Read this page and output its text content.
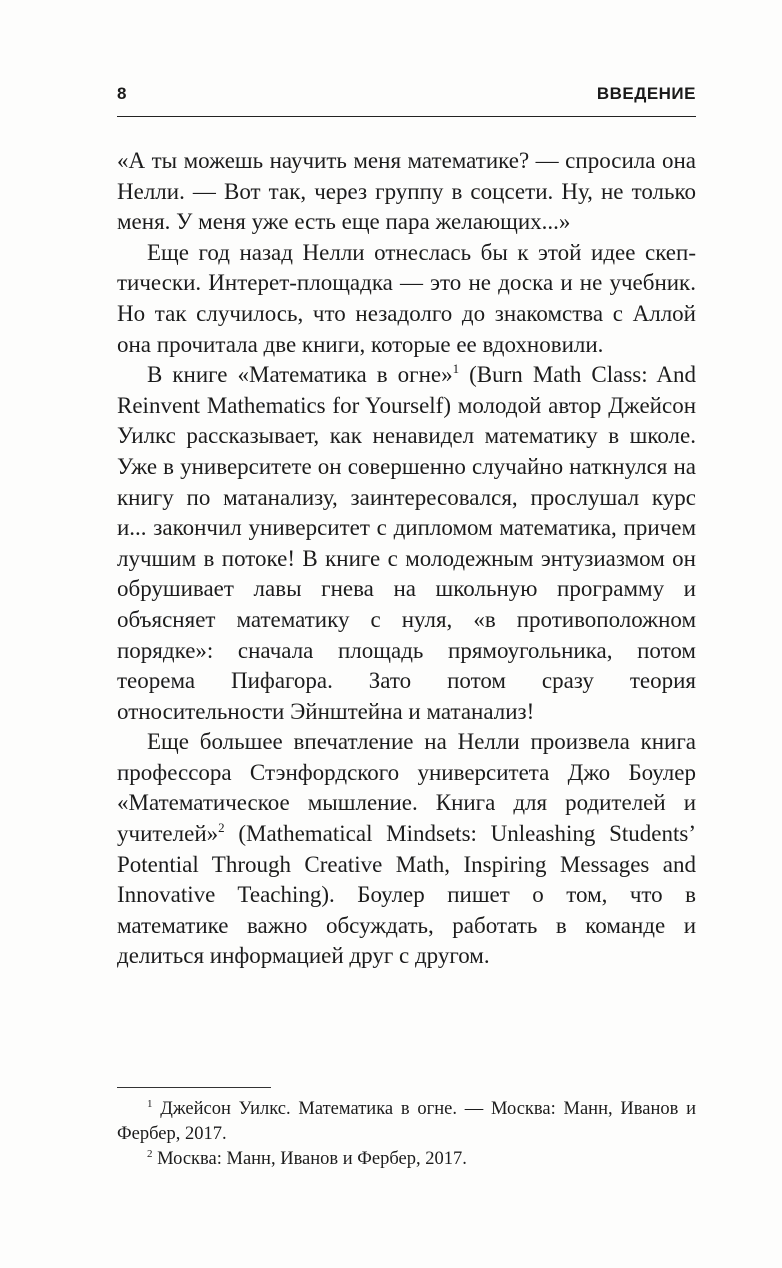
8	ВВЕДЕНИЕ

«А ты можешь научить меня математике? — спросила она Нелли. — Вот так, через группу в соцсети. Ну, не только меня. У меня уже есть еще пара желающих...»

Еще год назад Нелли отнеслась бы к этой идее скептически. Интерет-площадка — это не доска и не учебник. Но так случилось, что незадолго до знакомства с Аллой она прочитала две книги, которые ее вдохновили.

В книге «Математика в огне»$^1$ (Burn Math Class: And Reinvent Mathematics for Yourself) молодой автор Джейсон Уилкс рассказывает, как ненавидел математику в школе. Уже в университете он совершенно случайно наткнулся на книгу по матанализу, заинтересовался, прослушал курс и... закончил университет с дипломом математика, причем лучшим в потоке! В книге с молодежным энтузиазмом он обрушивает лавы гнева на школьную программу и объясняет математику с нуля, «в противоположном порядке»: сначала площадь прямоугольника, потом теорема Пифагора. Зато потом сразу теория относительности Эйнштейна и матанализ!

Еще большее впечатление на Нелли произвела книга профессора Стэнфордского университета Джо Боулер «Математическое мышление. Книга для родителей и учителей»$^2$ (Mathematical Mindsets: Unleashing Students’ Potential Through Creative Math, Inspiring Messages and Innovative Teaching). Боулер пишет о том, что в математике важно обсуждать, работать в команде и делиться информацией друг с другом.

$^1$ Джейсон Уилкс. Математика в огне. — Москва: Манн, Иванов и Фербер, 2017.

$^2$ Москва: Манн, Иванов и Фербер, 2017.
